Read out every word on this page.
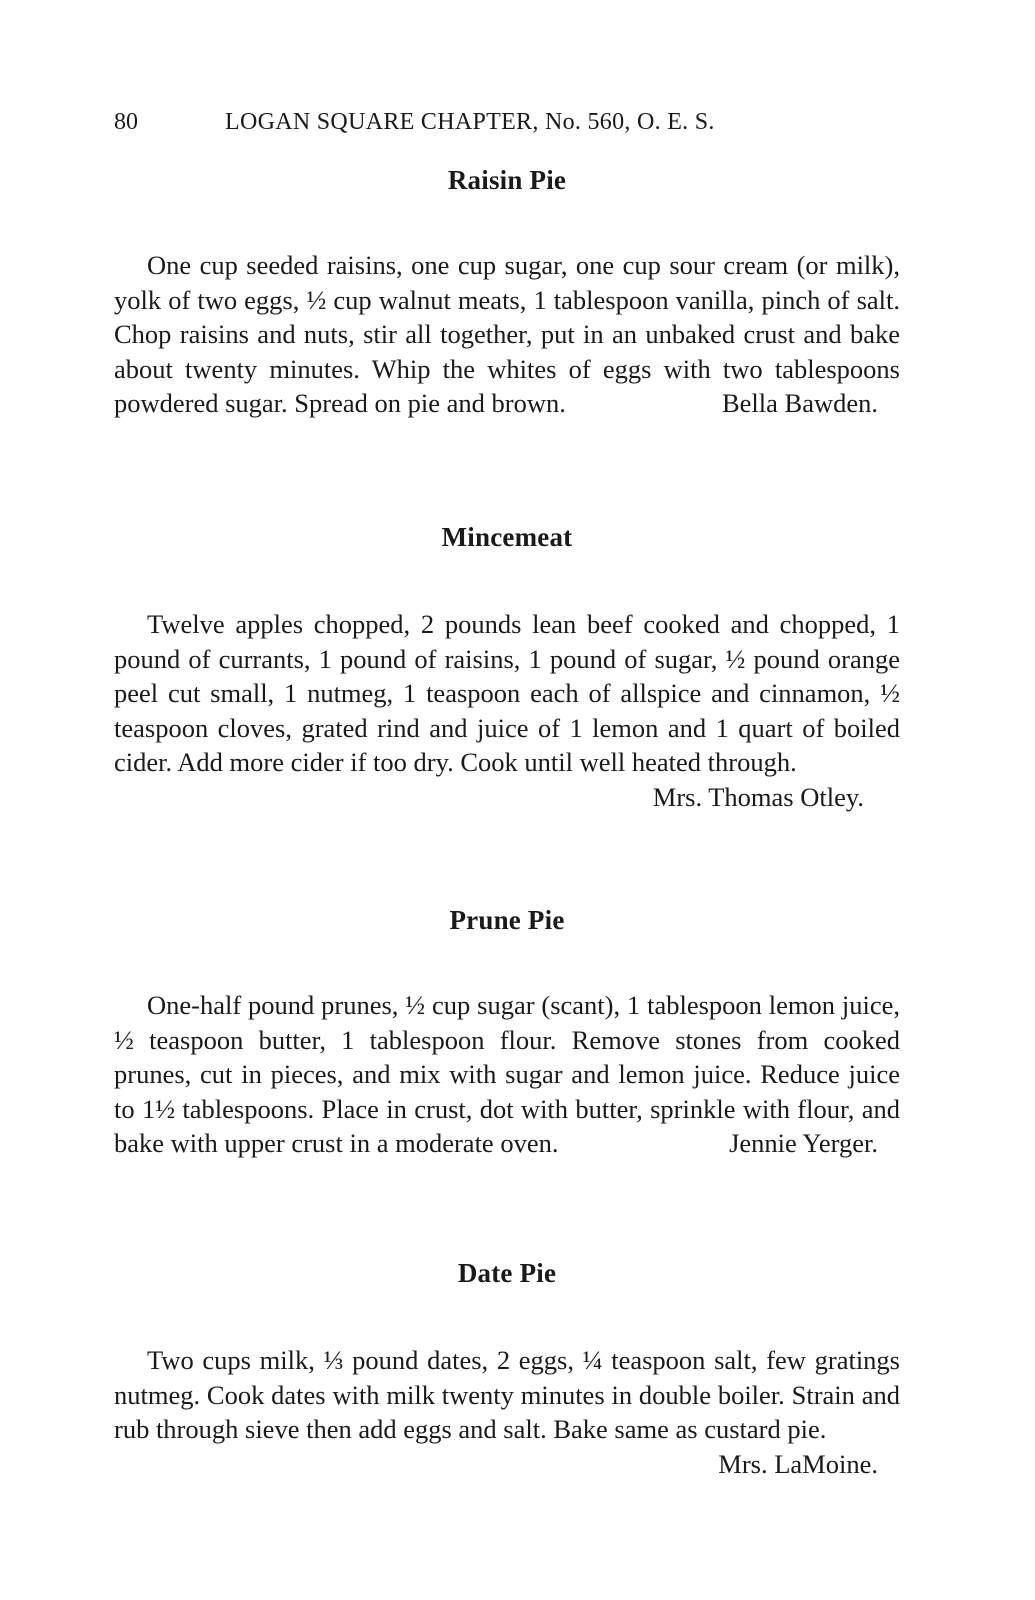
80	LOGAN SQUARE CHAPTER, No. 560, O. E. S.
Raisin Pie

One cup seeded raisins, one cup sugar, one cup sour cream (or milk), yolk of two eggs, ½ cup walnut meats, 1 tablespoon vanilla, pinch of salt. Chop raisins and nuts, stir all together, put in an unbaked crust and bake about twenty minutes. Whip the whites of eggs with two tablespoons powdered sugar. Spread on pie and brown.	Bella Bawden.

Mincemeat

Twelve apples chopped, 2 pounds lean beef cooked and chopped, 1 pound of currants, 1 pound of raisins, 1 pound of sugar, ½ pound orange peel cut small, 1 nutmeg, 1 teaspoon each of allspice and cinnamon, ½ teaspoon cloves, grated rind and juice of 1 lemon and 1 quart of boiled cider. Add more cider if too dry. Cook until well heated through.

Mrs. Thomas Otley.
Prune Pie

One-half pound prunes, ½ cup sugar (scant), 1 tablespoon lemon juice, ½ teaspoon butter, 1 tablespoon flour. Remove stones from cooked prunes, cut in pieces, and mix with sugar and lemon juice. Reduce juice to 1½ tablespoons. Place in crust, dot with butter, sprinkle with flour, and bake with upper crust in a moderate oven.	Jennie Yerger.

Date Pie

Two cups milk, ⅓ pound dates, 2 eggs, ¼ teaspoon salt, few gratings nutmeg. Cook dates with milk twenty minutes in double boiler. Strain and rub through sieve then add eggs and salt. Bake same as custard pie.
Mrs. LaMoine.
